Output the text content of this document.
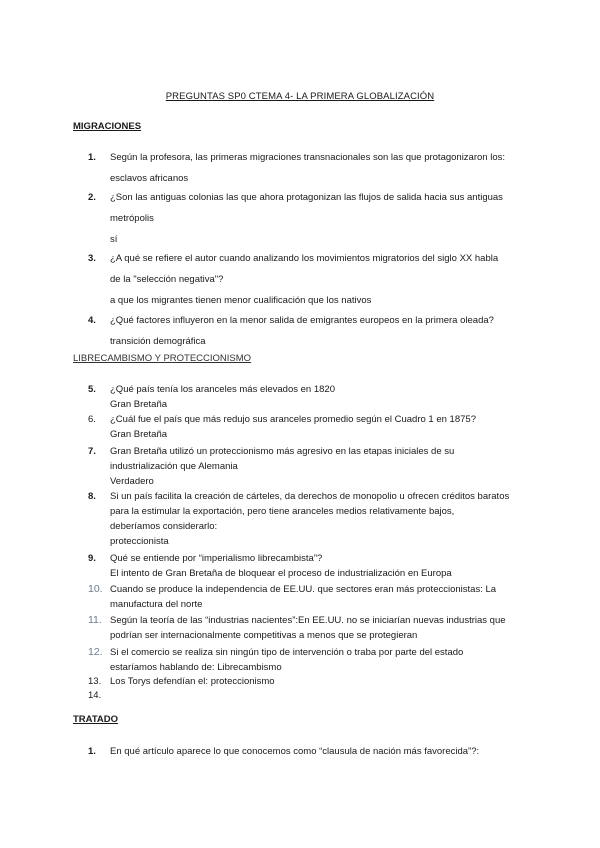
PREGUNTAS SP0 CTEMA 4- LA PRIMERA GLOBALIZACIÓN
MIGRACIONES
1. Según la profesora, las primeras migraciones transnacionales son las que protagonizaron los:
esclavos africanos
2. ¿Son las antiguas colonias las que ahora protagonizan las flujos de salida hacia sus antiguas
metrópolis
sí
3. ¿A qué se refiere el autor cuando analizando los movimientos migratorios del siglo XX habla
de la "selección negativa"?
a que los migrantes tienen menor cualificación que los nativos
4. ¿Qué factores influyeron en la menor salida de emigrantes europeos en la primera oleada?
transición demográfica
LIBRECAMBISMO Y PROTECCIONISMO
5. ¿Qué país tenía los aranceles más elevados en 1820
Gran Bretaña
6. ¿Cuál fue el país que más redujo sus aranceles promedio según el Cuadro 1 en 1875?
Gran Bretaña
7. Gran Bretaña utilizó un proteccionismo más agresivo en las etapas iniciales de su
industrialización que Alemania
Verdadero
8. Si un país facilita la creación de cárteles, da derechos de monopolio u ofrecen créditos baratos
para la estimular la exportación, pero tiene aranceles medios relativamente bajos,
deberíamos considerarlo:
proteccionista
9. Qué se entiende por “imperialismo librecambista”?
El intento de Gran Bretaña de bloquear el proceso de industrialización en Europa
10. Cuando se produce la independencia de EE.UU. que sectores eran más proteccionistas: La
manufactura del norte
11. Según la teoría de las “industrias nacientes”:En EE.UU. no se iniciarían nuevas industrias que
podrían ser internacionalmente competitivas a menos que se protegieran
12. Si el comercio se realiza sin ningún tipo de intervención o traba por parte del estado
estaríamos hablando de: Librecambismo
13. Los Torys defendían el: proteccionismo
14.
TRATADO
1. En qué artículo aparece lo que conocemos como “clausula de nación más favorecida”?:
